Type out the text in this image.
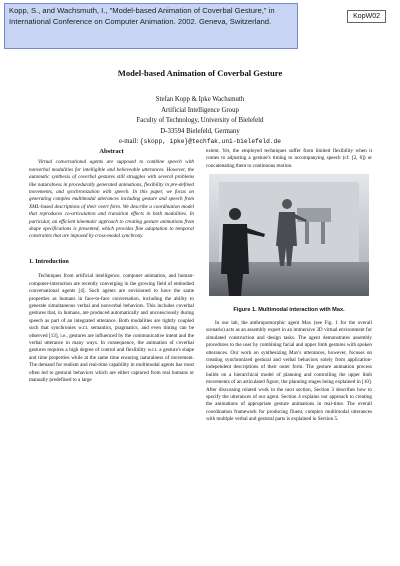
Kopp, S., and Wachsmuth, I., "Model-based Animation of Coverbal Gesture," in International Conference on Computer Animation. 2002. Geneva, Switzerland.
KopW02
Model-based Animation of Coverbal Gesture
Stefan Kopp & Ipke Wachsmuth
Artificial Intelligence Group
Faculty of Technology, University of Bielefeld
D-33594 Bielefeld, Germany
e-mail: {skopp, ipke}@techfak.uni-bielefeld.de

Abstract

Virtual conversational agents are supposed to combine speech with nonverbal modalities for intelligible and believeable utterances. However, the automatic synthesis of coverbal gestures still struggles with several problems like naturalness in procedurally generated animations, flexibility in pre-defined movements, and synchronization with speech. In this paper, we focus on generating complex multimodal utterances including gesture and speech from XML-based descriptions of their overt form. We describe a coordination model that reproduces co-articulation and transition effects in both modalities. In particular, an efficient kinematic approach to creating gesture animations from shape specifications is presented, which provides fine adaptation to temporal constraints that are imposed by cross-modal synchrony.

1. Introduction

Techniques from artificial intelligence, computer animation, and human-computer-interaction are recently converging in the growing field of embodied conversational agents [4]. Such agents are envisioned to have the same properties as humans in face-to-face conversation, including the ability to generate simultaneous verbal and nonverbal behaviors. This includes coverbal gestures that, in humans, are produced automatically and unconsciously during speech as part of an integrated utterance. Both modalities are tightly coupled such that synchronies w.r.t. semantics, pragmatics, and even timing can be observed [13], i.e., gestures are influenced by the communicative intent and the verbal utterance in many ways. In consequence, the animation of coverbal gestures requires a high degree of control and flexibility w.r.t. a gesture's shape and time properties while at the same time ensuring naturalness of movement. The demand for realism and real-time capability in multimodal agents has most often led to gestural behaviors which are either captured from real humans or manually predefined to a large

extent. Yet, the employed techniques suffer from limited flexibility when it comes to adjusting a gesture's timing to accompanying speech (cf. [2, 6]) or concatenating them to continuous motion.

Figure 1. Multimodal interaction with Max.

In our lab, the anthropomorphic agent Max (see Fig. 1 for the overall scenario) acts as an assembly expert in an immersive 3D virtual environment for simulated construction and design tasks. The agent demonstrates assembly procedures to the user by combining facial and upper limb gestures with spoken utterances. Our work on synthesizing Max's utterances, however, focuses on creating synchronized gestural and verbal behaviors solely from application-independent descriptions of their outer form. The gesture animation process builds on a hierarchical model of planning and controlling the upper limb movements of an articulated figure, the planning stages being explained in [10]. After discussing related work in the next section, Section 3 describes how to specify the utterances of our agent. Section 4 explains our approach to creating the animations of appropriate gesture animations in real-time. The overall coordination framework for producing fluent, complex multimodal utterances with multiple verbal and gestural parts is explained in Section 5.
